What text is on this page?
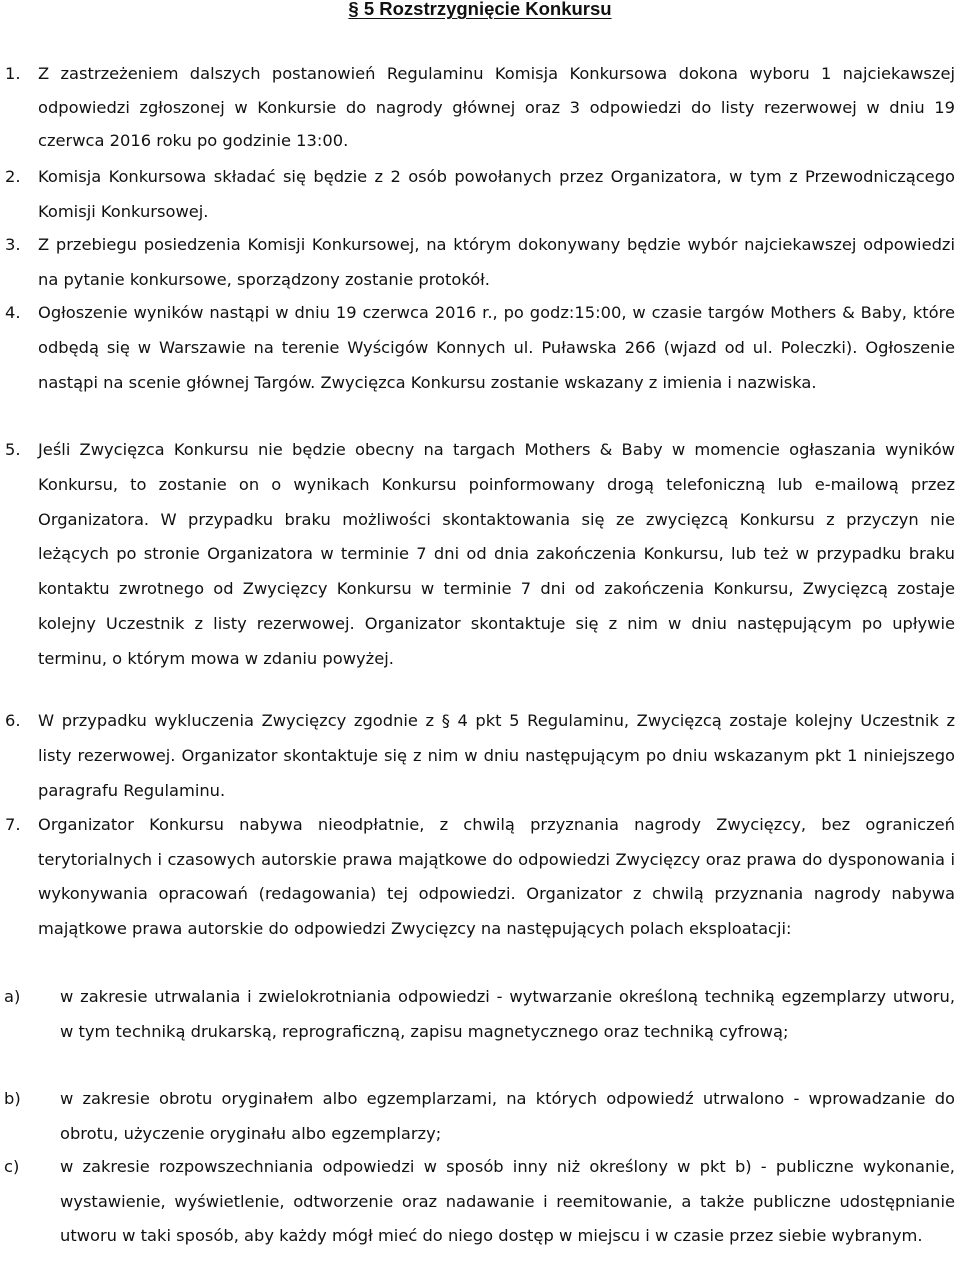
§ 5 Rozstrzygnięcie Konkursu

1. Z zastrzeżeniem dalszych postanowień Regulaminu Komisja Konkursowa dokona wyboru 1 najciekawszej odpowiedzi zgłoszonej w Konkursie do nagrody głównej oraz 3 odpowiedzi do listy rezerwowej w dniu 19 czerwca 2016 roku po godzinie 13:00.

2. Komisja Konkursowa składać się będzie z 2 osób powołanych przez Organizatora, w tym z Przewodniczącego Komisji Konkursowej.

3. Z przebiegu posiedzenia Komisji Konkursowej, na którym dokonywany będzie wybór najciekawszej odpowiedzi na pytanie konkursowe, sporządzony zostanie protokół.

4. Ogłoszenie wyników nastąpi w dniu 19 czerwca 2016 r., po godz:15:00, w czasie targów Mothers & Baby, które odbędą się w Warszawie na terenie Wyścigów Konnych ul. Puławska 266 (wjazd od ul. Poleczki). Ogłoszenie nastąpi na scenie głównej Targów. Zwycięzca Konkursu zostanie wskazany z imienia i nazwiska.

5. Jeśli Zwycięzca Konkursu nie będzie obecny na targach Mothers & Baby w momencie ogłaszania wyników Konkursu, to zostanie on o wynikach Konkursu poinformowany drogą telefoniczną lub e-mailową przez Organizatora. W przypadku braku możliwości skontaktowania się ze zwycięzcą Konkursu z przyczyn nie leżących po stronie Organizatora w terminie 7 dni od dnia zakończenia Konkursu, lub też w przypadku braku kontaktu zwrotnego od Zwycięzcy Konkursu w terminie 7 dni od zakończenia Konkursu, Zwycięzcą zostaje kolejny Uczestnik z listy rezerwowej. Organizator skontaktuje się z nim w dniu następującym po upływie terminu, o którym mowa w zdaniu powyżej.

6. W przypadku wykluczenia Zwycięzcy zgodnie z § 4 pkt 5 Regulaminu, Zwycięzcą zostaje kolejny Uczestnik z listy rezerwowej. Organizator skontaktuje się z nim w dniu następującym po dniu wskazanym pkt 1 niniejszego paragrafu Regulaminu.

7. Organizator Konkursu nabywa nieodpłatnie, z chwilą przyznania nagrody Zwycięzcy, bez ograniczeń terytorialnych i czasowych autorskie prawa majątkowe do odpowiedzi Zwycięzcy oraz prawa do dysponowania i wykonywania opracowań (redagowania) tej odpowiedzi. Organizator z chwilą przyznania nagrody nabywa majątkowe prawa autorskie do odpowiedzi Zwycięzcy na następujących polach eksploatacji:

a) w zakresie utrwalania i zwielokrotniania odpowiedzi - wytwarzanie określoną techniką egzemplarzy utworu, w tym techniką drukarską, reprograficzną, zapisu magnetycznego oraz techniką cyfrową;

b) w zakresie obrotu oryginałem albo egzemplarzami, na których odpowiedź utrwalono - wprowadzanie do obrotu, użyczenie oryginału albo egzemplarzy;

c) w zakresie rozpowszechniania odpowiedzi w sposób inny niż określony w pkt b) - publiczne wykonanie, wystawienie, wyświetlenie, odtworzenie oraz nadawanie i reemitowanie, a także publiczne udostępnianie utworu w taki sposób, aby każdy mógł mieć do niego dostęp w miejscu i w czasie przez siebie wybranym.
